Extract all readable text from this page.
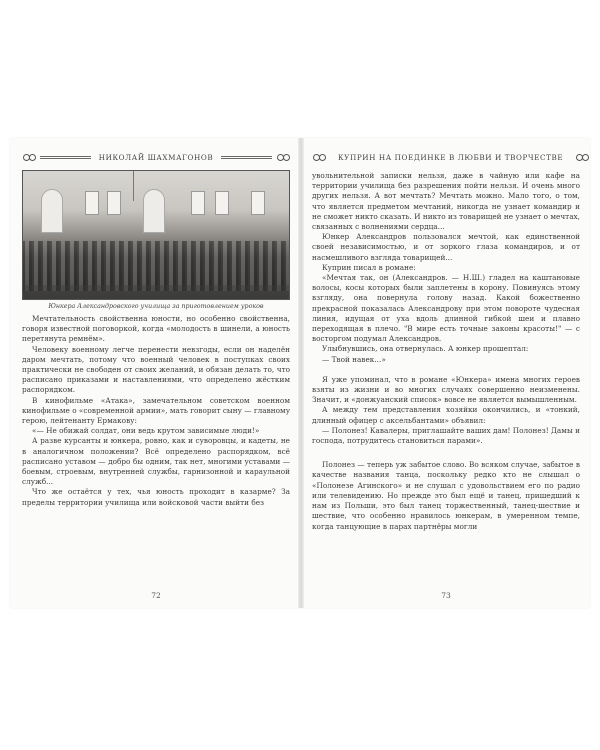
НИКОЛАЙ ШАХМАГОНОВ
Юнкера Александровского училища за приготовлением уроков

Мечтательность свойственна юности, но особенно свойственна, говоря известной поговоркой, когда «молодость в шинели, а юность перетянута ремнём».

Человеку военному легче перенести невзгоды, если он наделён даром мечтать, потому что военный человек в поступках своих практически не свободен от своих желаний, и обязан делать то, что расписано приказами и наставлениями, что определено жёстким распорядком.

В кинофильме «Атака», замечательном советском военном кинофильме о «современной армии», мать говорит сыну — главному герою, лейтенанту Ермакову:

«— Не обижай солдат, они ведь крутом зависимые люди!»

А разве курсанты и юнкера, ровно, как и суворовцы, и кадеты, не в аналогичном положении? Всё определено распорядком, всё расписано уставом — добро бы одним, так нет, многими уставами — боевым, строевым, внутренней службы, гарнизонной и караульной служб...

Что же остаётся у тех, чья юность проходит в казарме? За пределы территории училища или войсковой части выйти без

72
КУПРИН НА ПОЕДИНКЕ В ЛЮБВИ И ТВОРЧЕСТВЕ

увольнительной записки нельзя, даже в чайную или кафе на территории училища без разрешения пойти нельзя. И очень много других нельзя. А вот мечтать? Мечтать можно. Мало того, о том, что является предметом мечтаний, никогда не узнает командир и не сможет никто сказать. И никто из товарищей не узнает о мечтах, связанных с волнениями сердца...

Юнкер Александров пользовался мечтой, как единственной своей независимостью, и от зоркого глаза командиров, и от насмешливого взгляда товарищей...

Куприн писал в романе:

«Мечтая так, он (Александров. — Н.Ш.) гладел на каштановые волосы, косы которых были заплетены в корону. Повинуясь этому взгляду, она повернула голову назад. Какой божественно прекрасной показалась Александрову при этом повороте чудесная линия, идущая от уха вдоль длинной гибкой шеи и плавно переходящая в плечо. "В мире есть точные законы красоты!" — с восторгом подумал Александров.

Улыбнувшись, она отвернулась. А юнкер прошептал:

— Твой навек...»

Я уже упоминал, что в романе «Юнкера» имена многих героев взяты из жизни и во многих случаях совершенно неизменены. Значит, и «донжуанский список» вовсе не является вымышленным.

А между тем представления хозяйки окончились, и «тонкий, длинный офицер с аксельбантами» объявил:

— Полонез! Кавалеры, приглашайте ваших дам! Полонез! Дамы и господа, потрудитесь становиться парами».

Полонез — теперь уж забытое слово. Во всяком случае, забытое в качестве названия танца, поскольку редко кто не слышал о «Полонезе Агинского» и не слушал с удовольствием его по радио или телевидению. Но прежде это был ещё и танец, пришедший к нам из Польши, это был танец торжественный, танец-шествие и шествие, что особенно нравилось юнкерам, в умеренном темпе, когда танцующие в парах партнёры могли

73
